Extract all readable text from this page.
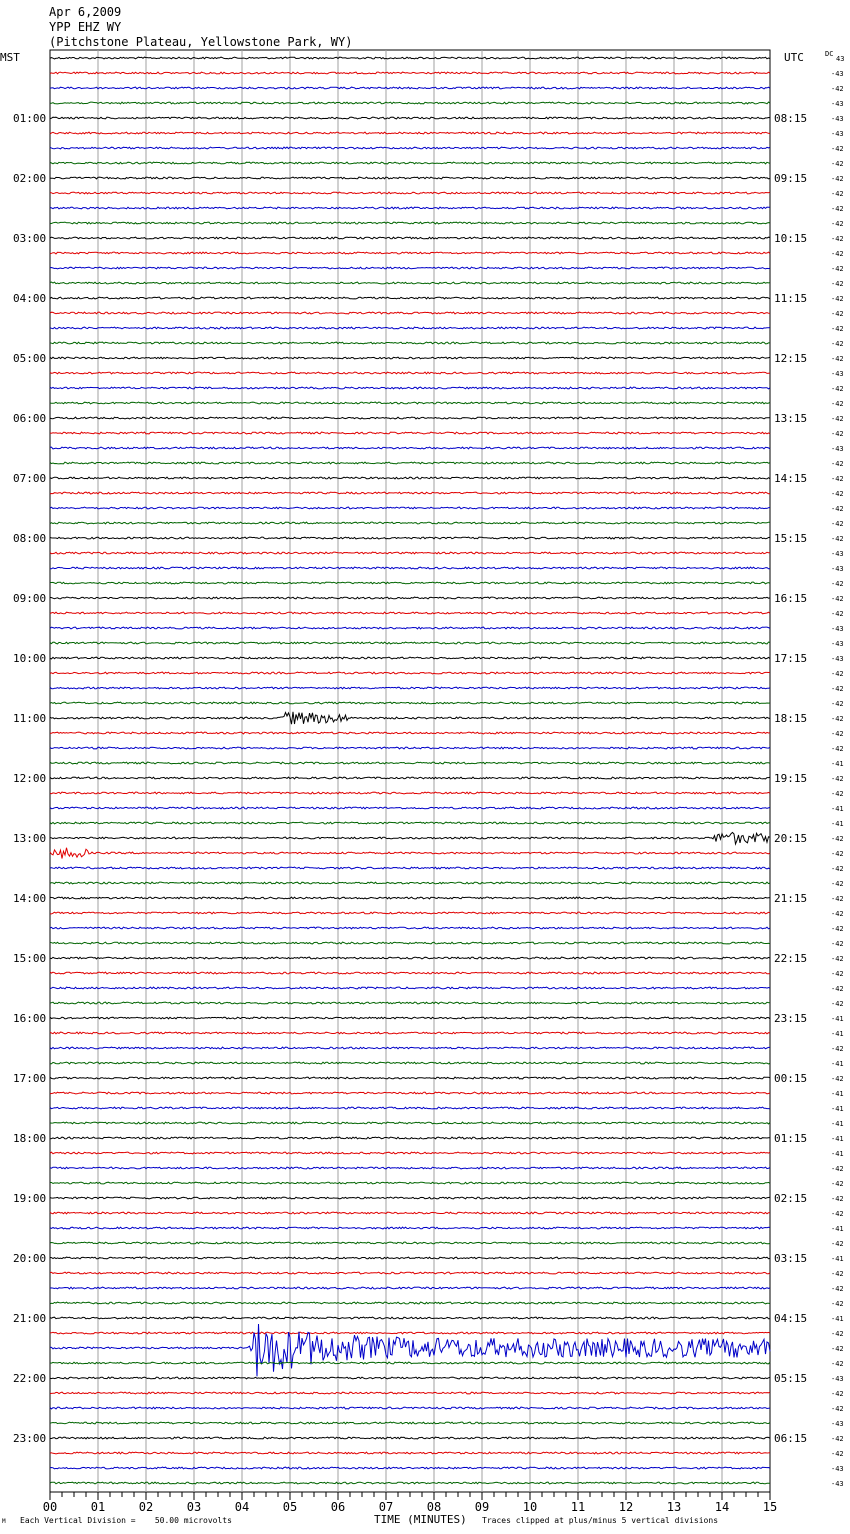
Apr 6,2009
YPP EHZ WY
(Pitchstone Plateau, Yellowstone Park, WY)
MST	UTC	DC
01:00
02:00
03:00
04:00
05:00
06:00
07:00
08:00
09:00
10:00
11:00
12:00
13:00
14:00
15:00
16:00
17:00
18:00
19:00
20:00
21:00
22:00
23:00
08:15
09:15
10:15
11:15
12:15
13:15
14:15
15:15
16:15
17:15
18:15
19:15
20:15
21:15
22:15
23:15
00:15
01:15
02:15
03:15
04:15
05:15
06:15
43
-43
-42
-43
-43
-43
-42
-42
-42
-42
-42
-42
-42
-42
-42
-42
-42
-42
-42
-42
-42
-43
-42
-42
-42
-42
-43
-42
-42
-42
-42
-42
-42
-43
-43
-42
-42
-42
-43
-43
-43
-42
-42
-42
-42
-42
-42
-41
-42
-42
-41
-41
-42
-42
-42
-42
-42
-42
-42
-42
-42
-42
-42
-42
-41
-41
-42
-41
-42
-41
-41
-41
-41
-41
-42
-42
-42
-42
-41
-42
-41
-42
-42
-42
-41
-42
-42
-42
-43
-42
-42
-43
-42
-42
-43
-43
00	01	02	03	04	05	06	07	08	09	10	11	12	13	14	15
M Each Vertical Division =    50.00 microvolts	TIME (MINUTES) Traces clipped at plus/minus 5 vertical divisions
